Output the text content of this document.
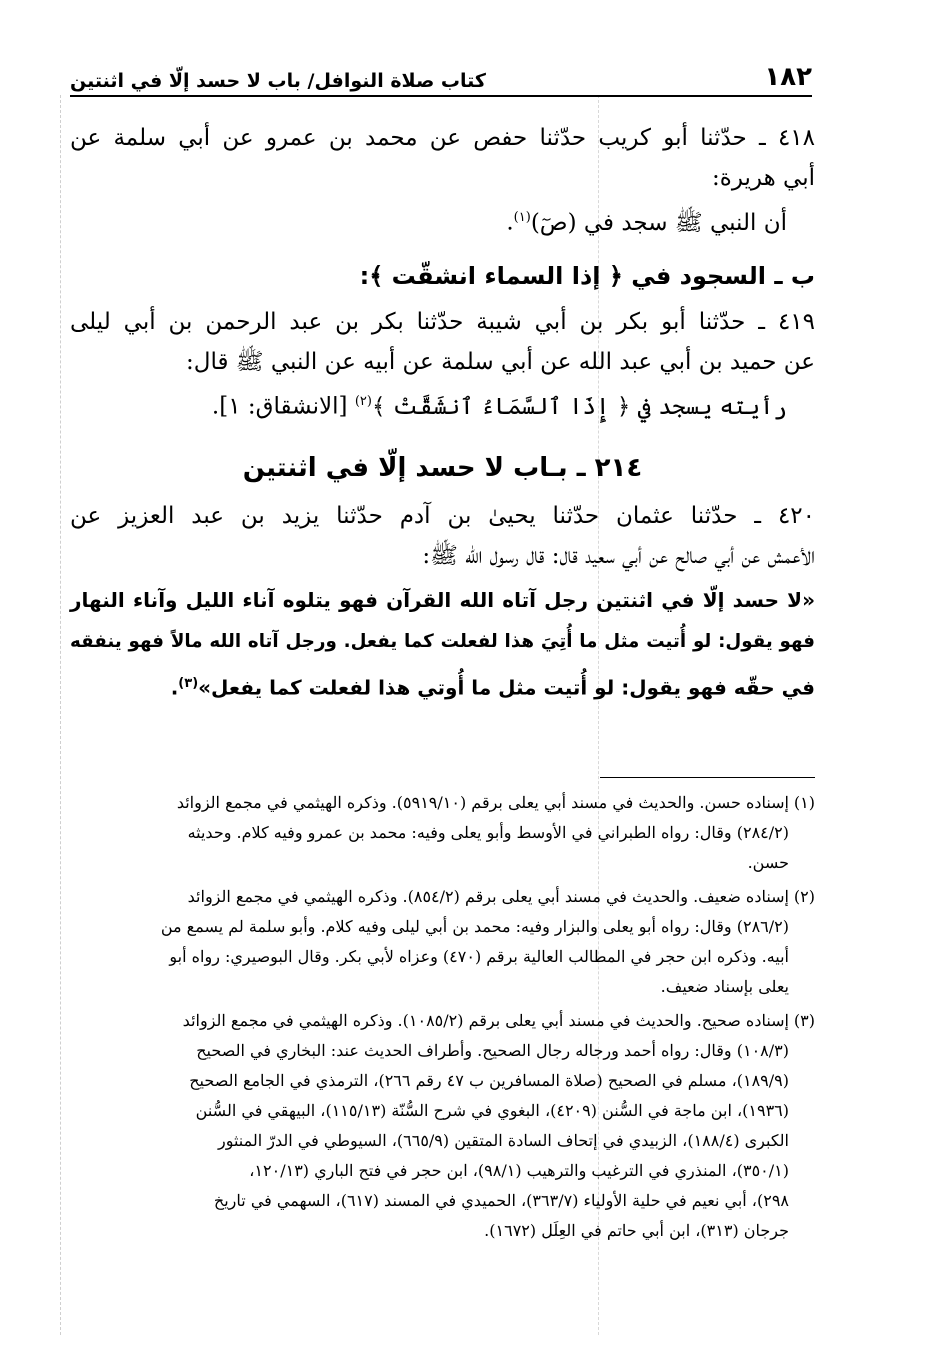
١٨٢
كتاب صلاة النوافل/ باب لا حسد إلّا في اثنتين
٤١٨ ـ حدّثنا أبو كريب حدّثنا حفص عن محمد بن عمرو عن أبي سلمة عن
أبي هريرة:
أن النبي ﷺ سجد في (صٓ)$^{(١)}$.
ب ـ السجود في ﴿ إذا السماء انشقّت ﴾:
٤١٩ ـ حدّثنا أبو بكر بن أبي شيبة حدّثنا بكر بن عبد الرحمن بن أبي ليلى
عن حميد بن أبي عبد الله عن أبي سلمة عن أبيه عن النبي ﷺ قال:
رأيته يسجد في ﴿ إِذَا ٱلسَّمَاءُ ٱنشَقَّتْ ﴾$^{(٢)}$ [الانشقاق: ١].
٢١٤ ـ بـاب لا حسد إلّا في اثنتين
٤٢٠ ـ حدّثنا عثمان حدّثنا يحيىٰ بن آدم حدّثنا يزيد بن عبد العزيز عن
الأعمش عن أبي صالح عن أبي سعيد قال: قال رسول الله ﷺ:
«لا حسد إلّا في اثنتين رجل آتاه الله القرآن فهو يتلوه آناء الليل وآناء النهار
فهو يقول: لو أُتيت مثل ما أُتِيَ هذا لفعلت كما يفعل. ورجل آتاه الله مالاً فهو ينفقه
في حقّه فهو يقول: لو أُتيت مثل ما أُوتي هذا لفعلت كما يفعل»$^{(٣)}$.
(١)إسناده حسن. والحديث في مسند أبي يعلى برقم (٥٩١٩/١٠). وذكره الهيثمي في مجمع الزوائد
(٢٨٤/٢) وقال: رواه الطبراني في الأوسط وأبو يعلى وفيه: محمد بن عمرو وفيه كلام. وحديثه
حسن.
(٢)إسناده ضعيف. والحديث في مسند أبي يعلى برقم (٨٥٤/٢). وذكره الهيثمي في مجمع الزوائد
(٢٨٦/٢) وقال: رواه أبو يعلى والبزار وفيه: محمد بن أبي ليلى وفيه كلام. وأبو سلمة لم يسمع من
أبيه. وذكره ابن حجر في المطالب العالية برقم (٤٧٠) وعزاه لأبي بكر. وقال البوصيري: رواه أبو
يعلى بإسناد ضعيف.
(٣)إسناده صحيح. والحديث في مسند أبي يعلى برقم (١٠٨٥/٢). وذكره الهيثمي في مجمع الزوائد
(١٠٨/٣) وقال: رواه أحمد ورجاله رجال الصحيح. وأطراف الحديث عند: البخاري في الصحيح
(١٨٩/٩)، مسلم في الصحيح (صلاة المسافرين ب ٤٧ رقم ٢٦٦)، الترمذي في الجامع الصحيح
(١٩٣٦)، ابن ماجة في السُّنن (٤٢٠٩)، البغوي في شرح السُّنّة (١١٥/١٣)، البيهقي في السُّنن
الكبرى (١٨٨/٤)، الزبيدي في إتحاف السادة المتقين (٦٦٥/٩)، السيوطي في الدرّ المنثور
(٣٥٠/١)، المنذري في الترغيب والترهيب (٩٨/١)، ابن حجر في فتح الباري (١٢٠/١٣،
٢٩٨)، أبي نعيم في حلية الأولياء (٣٦٣/٧)، الحميدي في المسند (٦١٧)، السهمي في تاريخ
جرجان (٣١٣)، ابن أبي حاتم في العِلَل (١٦٧٢).
